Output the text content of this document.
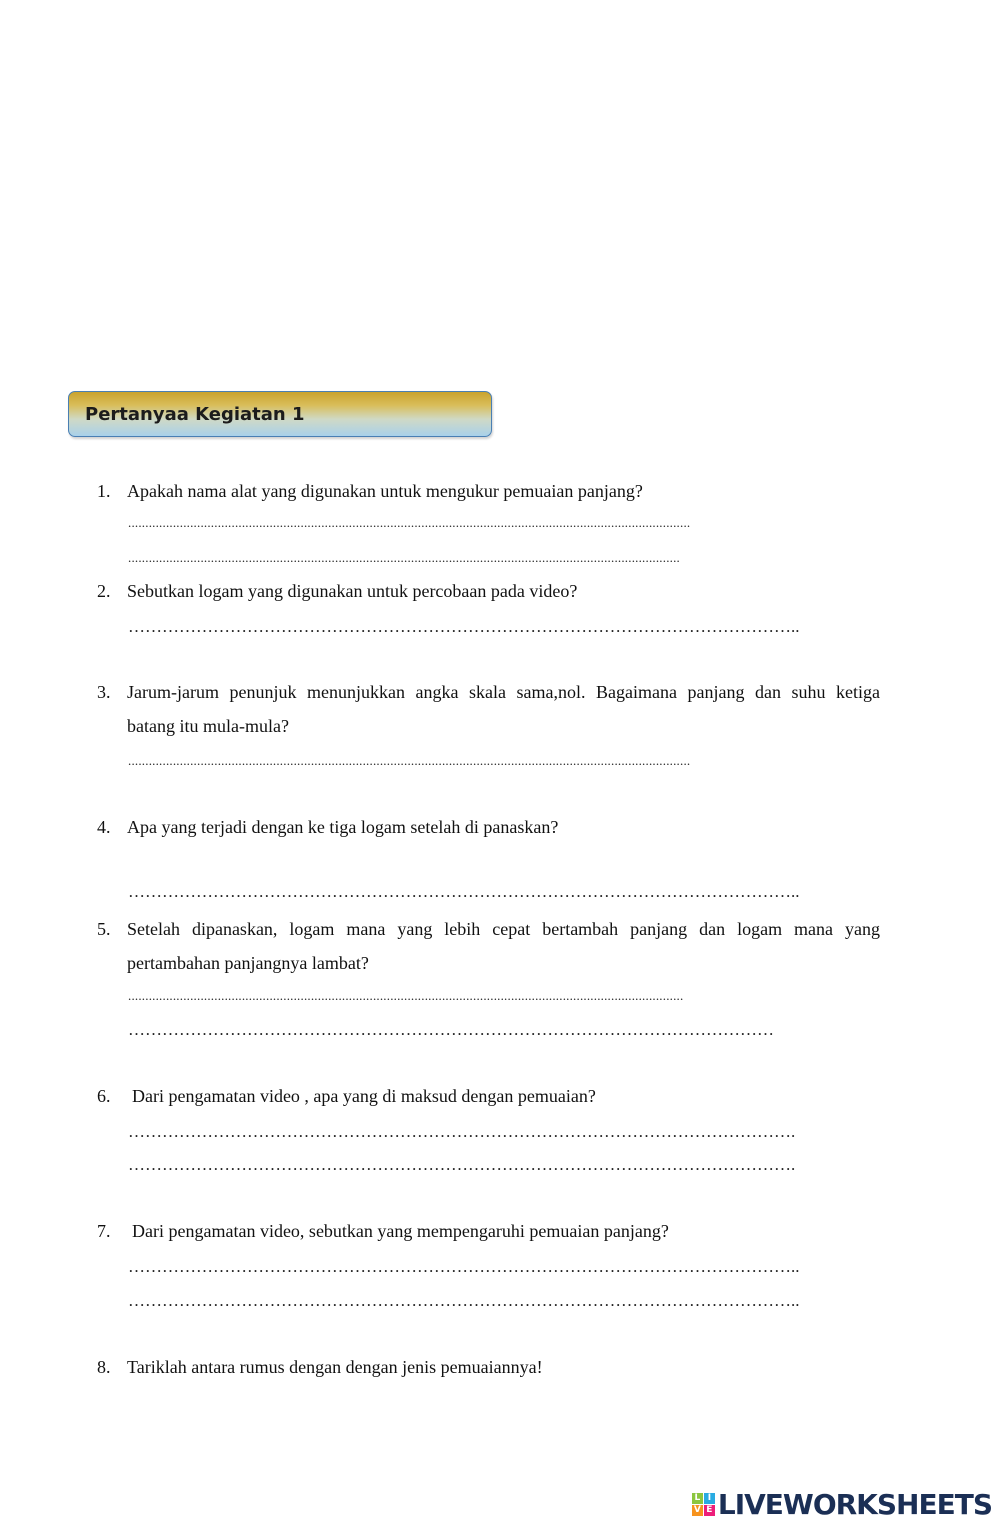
Pertanyaa Kegiatan 1
1. Apakah nama alat yang digunakan untuk mengukur pemuaian panjang?
...................................................................................................................................................................
................................................................................................................................................................
2. Sebutkan logam yang digunakan untuk percobaan pada video?
………………………………………………………………………………………………………..
3. Jarum-jarum penunjuk menunjukkan angka skala sama,nol. Bagaimana panjang dan suhu ketiga
batang itu mula-mula?
...................................................................................................................................................................
4. Apa yang terjadi dengan ke tiga logam setelah di panaskan?
………………………………………………………………………………………………………..
5. Setelah dipanaskan, logam mana yang lebih cepat bertambah panjang dan logam mana yang
pertambahan panjangnya lambat?
.................................................................................................................................................................
……………………………………………………………………………………………………
6. Dari pengamatan video , apa yang di maksud dengan pemuaian?
……………………………………………………………………………………………………….
……………………………………………………………………………………………………….
7. Dari pengamatan video, sebutkan yang mempengaruhi pemuaian panjang?
………………………………………………………………………………………………………..
………………………………………………………………………………………………………..
8. Tariklah antara rumus dengan dengan jenis pemuaiannya!
L I
V E LIVEWORKSHEETS
